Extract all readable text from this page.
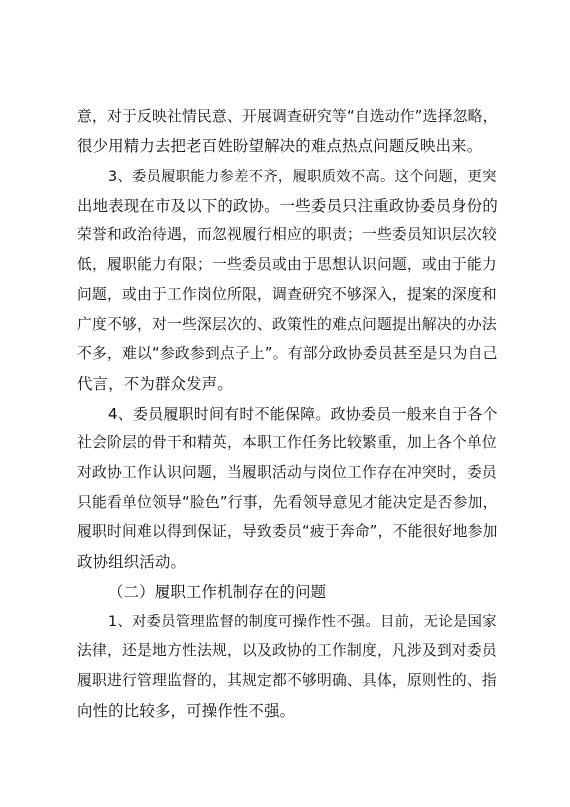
意，对于反映社情民意、开展调查研究等“自选动作”选择忽略，
很少用精力去把老百姓盼望解决的难点热点问题反映出来。
3、委员履职能力参差不齐，履职质效不高。这个问题，更突
出地表现在市及以下的政协。一些委员只注重政协委员身份的
荣誉和政治待遇，而忽视履行相应的职责；一些委员知识层次较
低，履职能力有限；一些委员或由于思想认识问题，或由于能力
问题，或由于工作岗位所限，调查研究不够深入，提案的深度和
广度不够，对一些深层次的、政策性的难点问题提出解决的办法
不多，难以“参政参到点子上”。有部分政协委员甚至是只为自己
代言，不为群众发声。
4、委员履职时间有时不能保障。政协委员一般来自于各个
社会阶层的骨干和精英，本职工作任务比较繁重，加上各个单位
对政协工作认识问题，当履职活动与岗位工作存在冲突时，委员
只能看单位领导“脸色”行事，先看领导意见才能决定是否参加，
履职时间难以得到保证，导致委员“疲于奔命”，不能很好地参加
政协组织活动。
（二）履职工作机制存在的问题
1、对委员管理监督的制度可操作性不强。目前，无论是国家
法律，还是地方性法规，以及政协的工作制度，凡涉及到对委员
履职进行管理监督的，其规定都不够明确、具体，原则性的、指
向性的比较多，可操作性不强。
